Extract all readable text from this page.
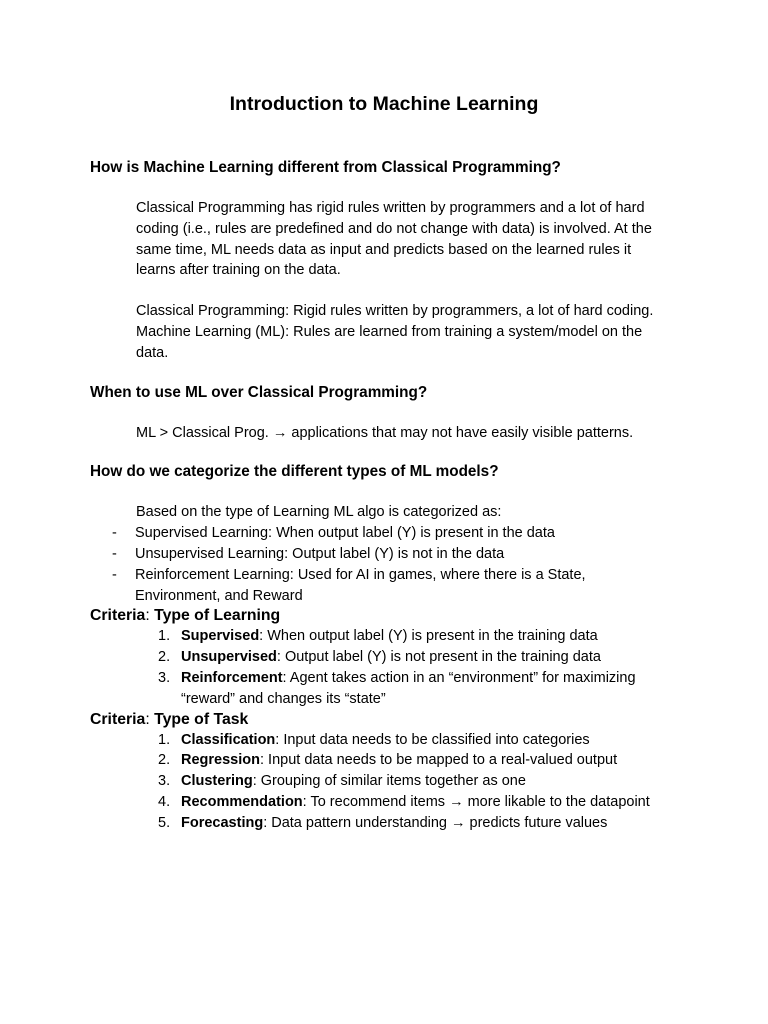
Introduction to Machine Learning
How is Machine Learning different from Classical Programming?

Classical Programming has rigid rules written by programmers and a lot of hard

coding (i.e., rules are predefined and do not change with data) is involved. At the

same time, ML needs data as input and predicts based on the learned rules it

learns after training on the data.

Classical Programming: Rigid rules written by programmers, a lot of hard coding.

Machine Learning (ML): Rules are learned from training a system/model on the

data.

When to use ML over Classical Programming?

ML > Classical Prog. → applications that may not have easily visible patterns.

How do we categorize the different types of ML models?

Based on the type of Learning ML algo is categorized as:

- Supervised Learning: When output label (Y) is present in the data
- Unsupervised Learning: Output label (Y) is not in the data
- Reinforcement Learning: Used for AI in games, where there is a State,
Environment, and Reward

Criteria: Type of Learning

1. Supervised: When output label (Y) is present in the training data
2. Unsupervised: Output label (Y) is not present in the training data
3. Reinforcement: Agent takes action in an “environment” for maximizing
“reward” and changes its “state”

Criteria: Type of Task

1. Classification: Input data needs to be classified into categories
2. Regression: Input data needs to be mapped to a real-valued output
3. Clustering: Grouping of similar items together as one
4. Recommendation: To recommend items → more likable to the datapoint
5. Forecasting: Data pattern understanding → predicts future values
